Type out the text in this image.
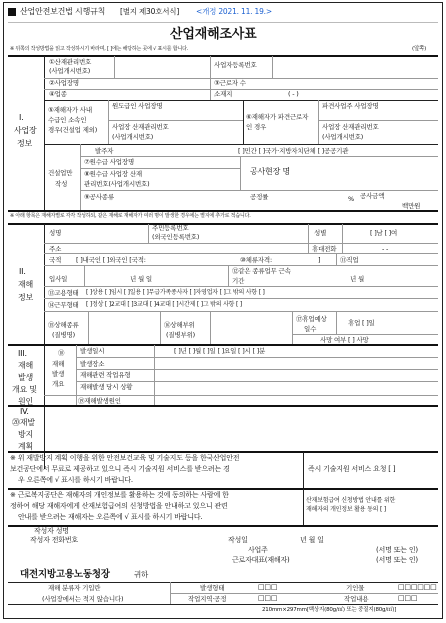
산업안전보건법 시행규칙 [별지 제30호서식] <개정 2021. 11. 19.>
산업재해조사표
※ 뒤쪽의 작성방법을 읽고 작성하시기 바라며, [ ]에는 해당하는 곳에 √ 표시를 합니다.	(앞쪽)
I.
사업장
정보
①산재관리번호
(사업개시번호)
사업자등록번호
②사업장명	③근로자 수
④업종	소재지	( - )
⑤재해자가 사내
수급인 소속인
경우(건설업 제외)
원도급인 사업장명
사업장 산재관리번호
(사업개시번호)
⑥재해자가 파견근로자
인 경우
파견사업주 사업장명
사업장 산재관리번호
(사업개시번호)
건설업만
작성
발주자	[ ]민간 [ ]국가·지방자치단체 [ ]공공기관
⑦원수급 사업장명
⑧원수급 사업장 산재
관리번호(사업개시번호)
공사현장 명
⑨공사종류	공정률	% 공사금액
백만원
※ 아래 항목은 재해자별로 각각 작성하되, 같은 재해로 재해자가 여러 명이 발생한 경우에는 별지에 추가로 적습니다.
II.
재해
정보
성명
주민등록번호
(외국인등록번호)	성별	[ ]남 [ ]여
주소	휴대전화	- -
국적 [ ]내국인 [ ]외국인 [국적:	⑩체류자격:	]	⑪직업
입사일	년 월 일
⑫같은 종류업무 근속
기간	년 월
⑬고용형태 [ ]상용 [ ]임시 [ ]일용 [ ]무급가족종사자 [ ]자영업자 [ ]그 밖의 사항 [ ]
⑭근무형태 [ ]정상 [ ]2교대 [ ]3교대 [ ]4교대 [ ]시간제 [ ]그 밖의 사항 [ ]
⑮상해종류
(질병명)
⑯상해부위
(질병부위)
⑰휴업예상
일수
휴업 [ ]일
사망 여부 [ ] 사망
III.
재해
발생
개요 및
원인
⑱
재해
발생
개요
발생일시	[ ]년 [ ]월 [ ]일 [ ]요일 [ ]시 [ ]분
발생장소
재해관련 작업유형
재해발생 당시 상황
⑲재해발생원인
IV.
⑳재발
방지
계획
※ 위 재발방지 계획 이행을 위한 안전보건교육 및 기술지도 등을 한국산업안전
보건공단에서 무료로 제공하고 있으니 즉시 기술지원 서비스를 받으려는 경
우 오른쪽에 √ 표시를 하시기 바랍니다.
즉시 기술지원 서비스 요청 [ ]
※ 근로복지공단은 재해자의 개인정보를 활용하는 것에 동의하는 사람에 한
정하여 해당 재해자에게 산재보험급여의 신청방법을 안내하고 있으니 관련
안내를 받으려는 재해자는 오른쪽에 √ 표시를 하시기 바랍니다.
산재보험급여 신청방법 안내를 위한
재해자의 개인정보 활용 동의 [ ]
작성자 성명
작성자 전화번호	작성일	년 월 일
사업주	(서명 또는 인)
근로자대표(재해자)	(서명 또는 인)
대전지방고용노동청장	귀하
재해 분류자 기입란
(사업장에서는 적지 않습니다)
발생형태	□□□	기인물	□□□□□□
작업지역·공정	□□□	작업내용	□□□
210mm×297mm[백상지(80g/㎡) 또는 중질지(80g/㎡)]
